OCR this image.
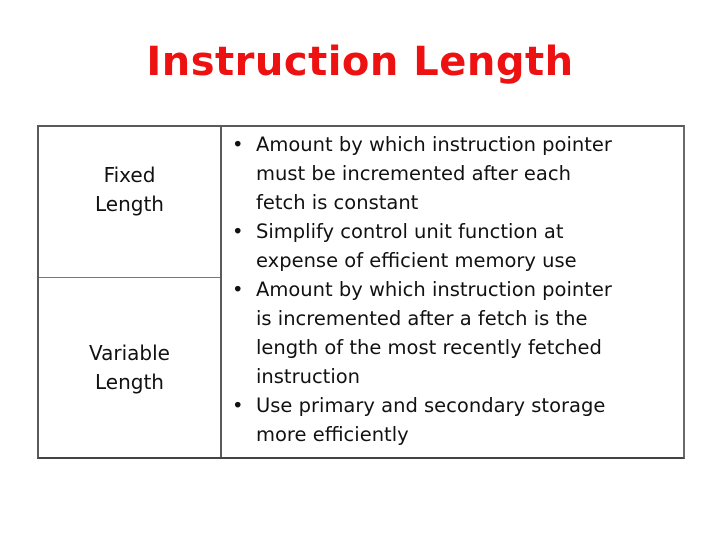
Instruction Length
Fixed
Length
Variable
Length
• Amount by which instruction pointer
must be incremented after each
fetch is constant
• Simplify control unit function at
expense of efficient memory use
• Amount by which instruction pointer
is incremented after a fetch is the
length of the most recently fetched
instruction
• Use primary and secondary storage
more efficiently
